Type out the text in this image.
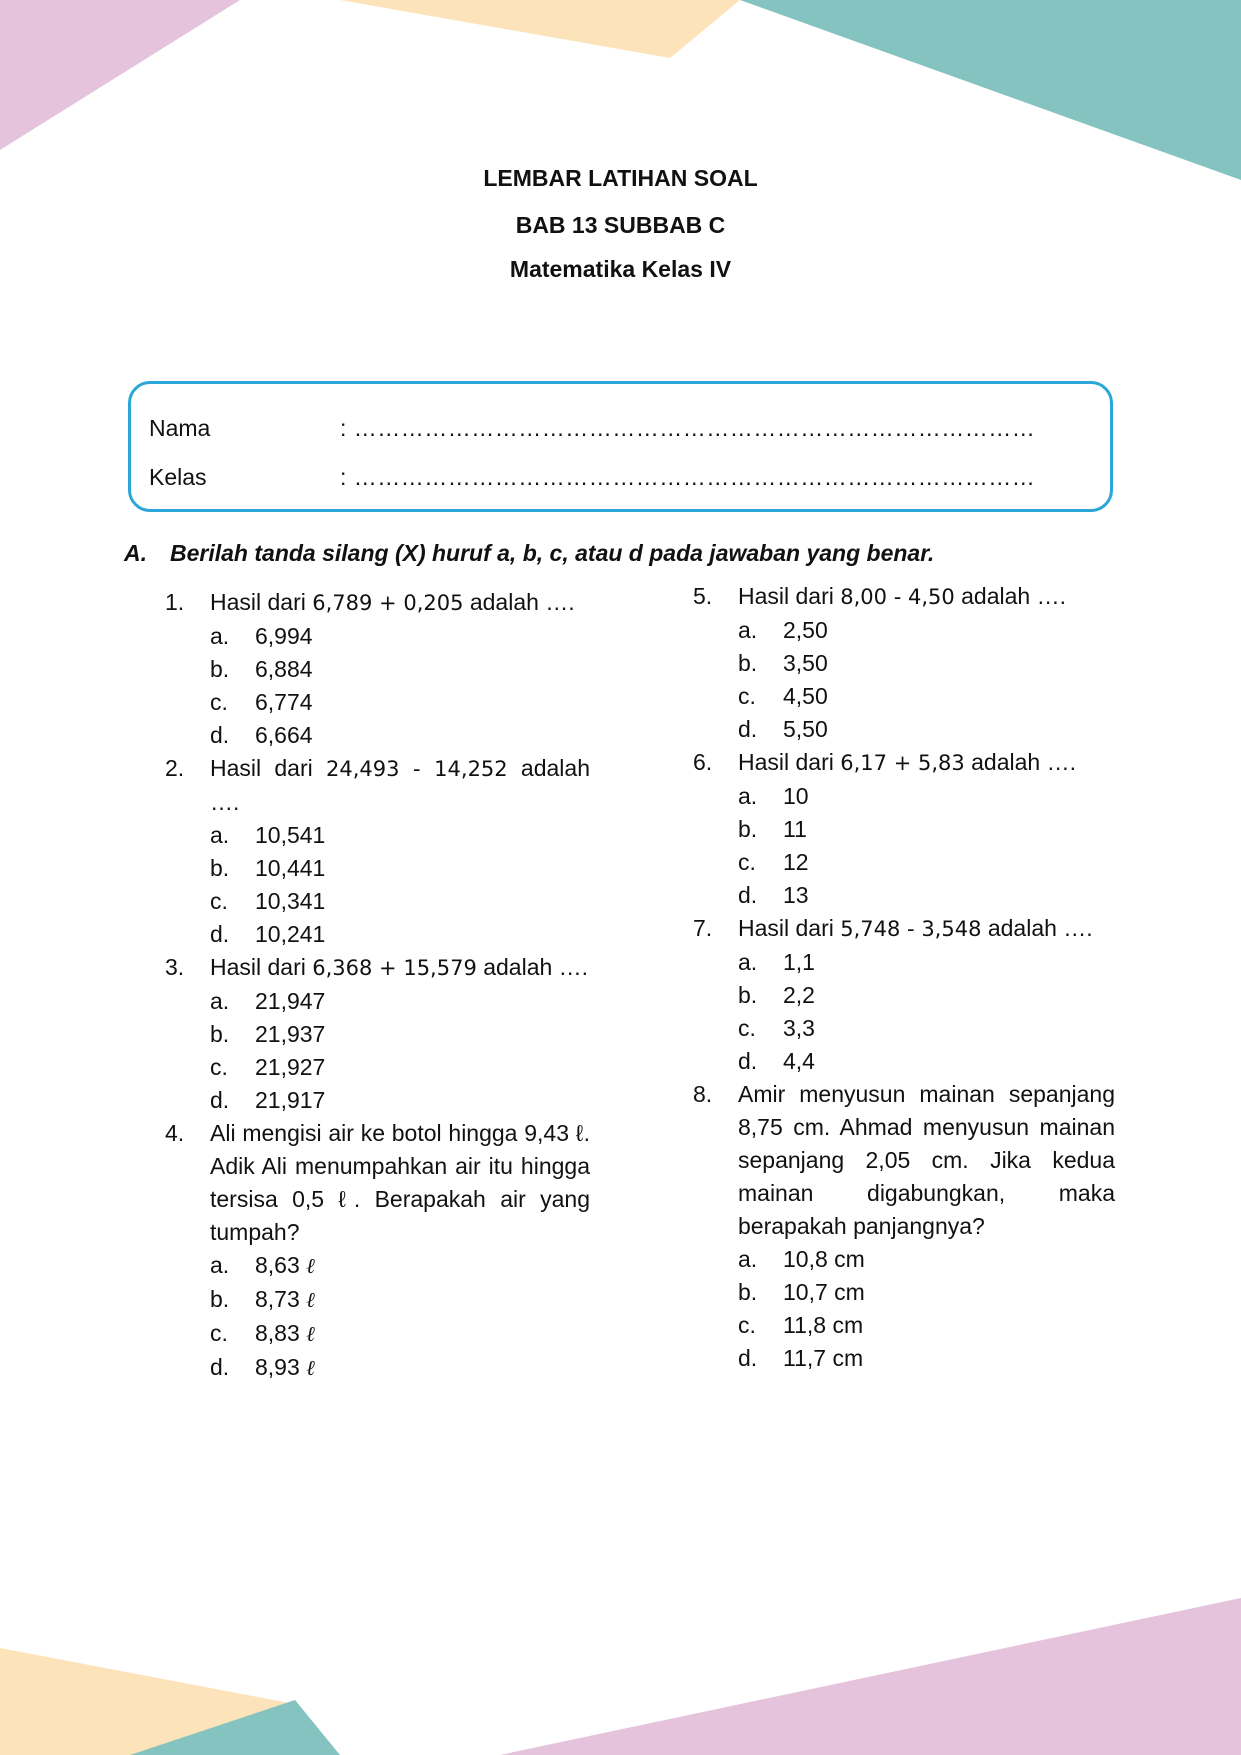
LEMBAR LATIHAN SOAL
BAB 13 SUBBAB C
Matematika Kelas IV
Nama	: ……………………………………………………………………………
Kelas	: ……………………………………………………………………………
A. Berilah tanda silang (X) huruf a, b, c, atau d pada jawaban yang benar.
1. Hasil dari 6,789 + 0,205 adalah ….
a. 6,994
b. 6,884
c. 6,774
d. 6,664
2. Hasil dari 24,493 - 14,252 adalah ….
a. 10,541
b. 10,441
c. 10,341
d. 10,241
3. Hasil dari 6,368 + 15,579 adalah ….
a. 21,947
b. 21,937
c. 21,927
d. 21,917
4. Ali mengisi air ke botol hingga 9,43 ℓ. Adik Ali menumpahkan air itu hingga tersisa 0,5 ℓ. Berapakah air yang tumpah?
a. 8,63 ℓ
b. 8,73 ℓ
c. 8,83 ℓ
d. 8,93 ℓ
5. Hasil dari 8,00 - 4,50 adalah ….
a. 2,50
b. 3,50
c. 4,50
d. 5,50
6. Hasil dari 6,17 + 5,83 adalah ….
a. 10
b. 11
c. 12
d. 13
7. Hasil dari 5,748 - 3,548 adalah ….
a. 1,1
b. 2,2
c. 3,3
d. 4,4
8. Amir menyusun mainan sepanjang 8,75 cm. Ahmad menyusun mainan sepanjang 2,05 cm. Jika kedua mainan digabungkan, maka berapakah panjangnya?
a. 10,8 cm
b. 10,7 cm
c. 11,8 cm
d. 11,7 cm
